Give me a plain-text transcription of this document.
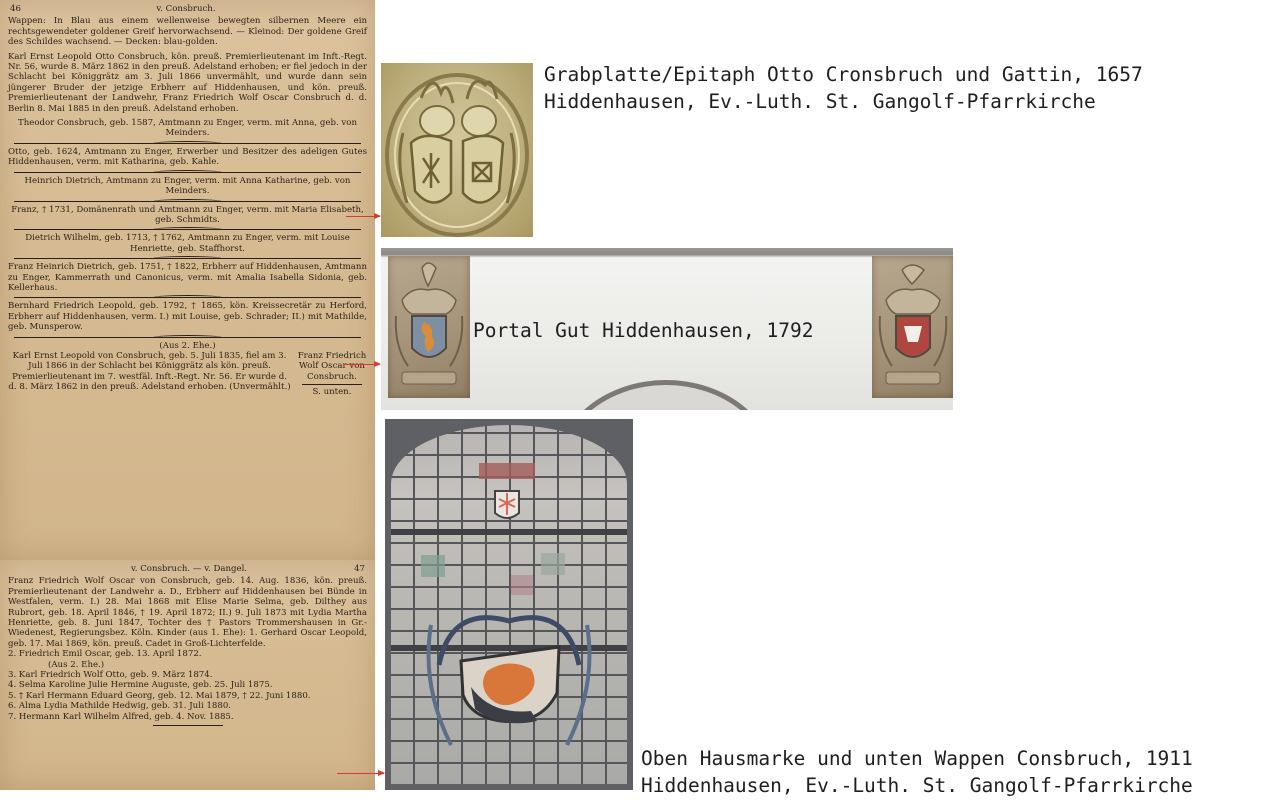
46	v. Consbruch.
Wappen: In Blau aus einem wellenweise bewegten silbernen Meere ein rechtsgewendeter goldener Greif hervorwachsend. — Kleinod: Der goldene Greif des Schildes wachsend. — Decken: blau-golden.
Karl Ernst Leopold Otto Consbruch, kön. preuß. Premierlieutenant im Inft.-Regt. Nr. 56, wurde 8. März 1862 in den preuß. Adelstand erhoben; er fiel jedoch in der Schlacht bei Königgrätz am 3. Juli 1866 unvermählt, und wurde dann sein jüngerer Bruder der jetzige Erbherr auf Hiddenhausen, und kön. preuß. Premierlieutenant der Landwehr, Franz Friedrich Wolf Oscar Consbruch d. d. Berlin 8. Mai 1885 in den preuß. Adelstand erhoben.
Theodor Consbruch, geb. 1587, Amtmann zu Enger, verm. mit Anna, geb. von Meinders.
Otto, geb. 1624, Amtmann zu Enger, Erwerber und Besitzer des adeligen Gutes Hiddenhausen, verm. mit Katharina, geb. Kahle.
Heinrich Dietrich, Amtmann zu Enger, verm. mit Anna Katharine, geb. von Meinders.
Franz, † 1731, Domänenrath und Amtmann zu Enger, verm. mit Maria Elisabeth, geb. Schmidts.
Dietrich Wilhelm, geb. 1713, † 1762, Amtmann zu Enger, verm. mit Louise Henriette, geb. Staffhorst.
Franz Heinrich Dietrich, geb. 1751, † 1822, Erbherr auf Hiddenhausen, Amtmann zu Enger, Kammerrath und Canonicus, verm. mit Amalia Isabella Sidonia, geb. Kellerhaus.
Bernhard Friedrich Leopold, geb. 1792, † 1865, kön. Kreissecretär zu Herford, Erbherr auf Hiddenhausen, verm. I.) mit Louise, geb. Schrader; II.) mit Mathilde, geb. Munsperow.
(Aus 2. Ehe.)
Karl Ernst Leopold von Consbruch, geb. 5. Juli 1835, fiel am 3. Juli 1866 in der Schlacht bei Königgrätz als kön. preuß. Premierlieutenant im 7. westfäl. Inft.-Regt. Nr. 56. Er wurde d. d. 8. März 1862 in den preuß. Adelstand erhoben. (Unvermählt.)
Franz Friedrich Wolf Oscar von Consbruch.
S. unten.
v. Consbruch. — v. Dangel.	47
Franz Friedrich Wolf Oscar von Consbruch, geb. 14. Aug. 1836, kön. preuß. Premierlieutenant der Landwehr a. D., Erbherr auf Hiddenhausen bei Bünde in Westfalen, verm. I.) 28. Mai 1868 mit Elise Marie Selma, geb. Dilthey aus Rubrort, geb. 18. April 1846, † 19. April 1872; II.) 9. Juli 1873 mit Lydia Martha Henriette, geb. 8. Juni 1847, Tochter des † Pastors Trommershausen in Gr.-Wiedenest, Regierungsbez. Köln. Kinder (aus 1. Ehe): 1. Gerhard Oscar Leopold, geb. 17. Mai 1869, kön. preuß. Cadet in Groß-Lichterfelde.
2. Friedrich Emil Oscar, geb. 13. April 1872.
(Aus 2. Ehe.)
3. Karl Friedrich Wolf Otto, geb. 9. März 1874.
4. Selma Karoline Julie Hermine Auguste, geb. 25. Juli 1875.
5. † Karl Hermann Eduard Georg, geb. 12. Mai 1879, † 22. Juni 1880.
6. Alma Lydia Mathilde Hedwig, geb. 31. Juli 1880.
7. Hermann Karl Wilhelm Alfred, geb. 4. Nov. 1885.
Portal Gut Hiddenhausen, 1792
Grabplatte/Epitaph Otto Cronsbruch und Gattin, 1657
Hiddenhausen, Ev.-Luth. St. Gangolf-Pfarrkirche
Oben Hausmarke und unten Wappen Consbruch, 1911
Hiddenhausen, Ev.-Luth. St. Gangolf-Pfarrkirche
